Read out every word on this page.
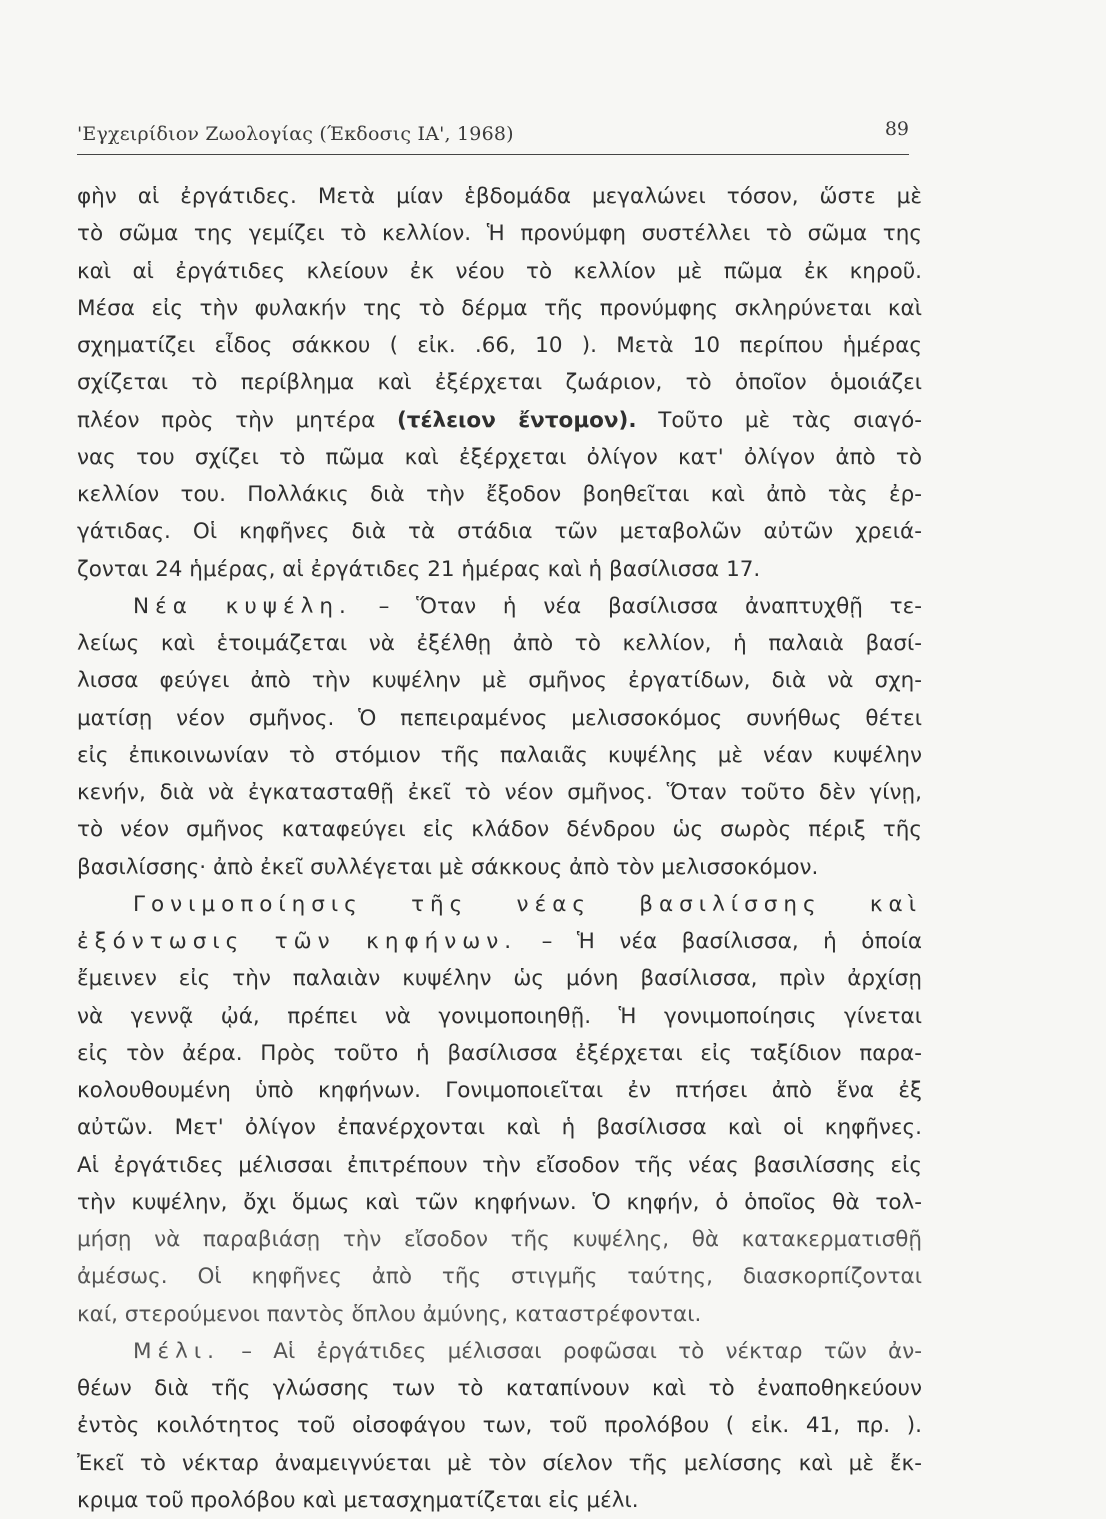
'Εγχειρίδιον Ζωολογίας (Έκδοσις ΙΑ', 1968)	89
φὴν αἱ ἐργάτιδες. Μετὰ μίαν ἑβδομάδα μεγαλώνει τόσον, ὥστε μὲ
τὸ σῶμα της γεμίζει τὸ κελλίον. Ἡ προνύμφη συστέλλει τὸ σῶμα της
καὶ αἱ ἐργάτιδες κλείουν ἐκ νέου τὸ κελλίον μὲ πῶμα ἐκ κηροῦ.
Μέσα εἰς τὴν φυλακήν της τὸ δέρμα τῆς προνύμφης σκληρύνεται καὶ
σχηματίζει εἶδος σάκκου ( εἰκ. .66, 10 ). Μετὰ 10 περίπου ἡμέρας
σχίζεται τὸ περίβλημα καὶ ἐξέρχεται ζωάριον, τὸ ὁποῖον ὁμοιάζει
πλέον πρὸς τὴν μητέρα (τέλειον ἔντομον). Τοῦτο μὲ τὰς σιαγό-
νας του σχίζει τὸ πῶμα καὶ ἐξέρχεται ὀλίγον κατ' ὀλίγον ἀπὸ τὸ
κελλίον του. Πολλάκις διὰ τὴν ἔξοδον βοηθεῖται καὶ ἀπὸ τὰς ἐρ-
γάτιδας. Οἱ κηφῆνες διὰ τὰ στάδια τῶν μεταβολῶν αὐτῶν χρειά-
ζονται 24 ἡμέρας, αἱ ἐργάτιδες 21 ἡμέρας καὶ ἡ βασίλισσα 17.
Νέα κυψέλη. – Ὅταν ἡ νέα βασίλισσα ἀναπτυχθῇ τε-
λείως καὶ ἑτοιμάζεται νὰ ἐξέλθῃ ἀπὸ τὸ κελλίον, ἡ παλαιὰ βασί-
λισσα φεύγει ἀπὸ τὴν κυψέλην μὲ σμῆνος ἐργατίδων, διὰ νὰ σχη-
ματίσῃ νέον σμῆνος. Ὁ πεπειραμένος μελισσοκόμος συνήθως θέτει
εἰς ἐπικοινωνίαν τὸ στόμιον τῆς παλαιᾶς κυψέλης μὲ νέαν κυψέλην
κενήν, διὰ νὰ ἐγκατασταθῇ ἐκεῖ τὸ νέον σμῆνος. Ὅταν τοῦτο δὲν γίνῃ,
τὸ νέον σμῆνος καταφεύγει εἰς κλάδον δένδρου ὡς σωρὸς πέριξ τῆς
βασιλίσσης· ἀπὸ ἐκεῖ συλλέγεται μὲ σάκκους ἀπὸ τὸν μελισσοκόμον.
Γονιμοποίησις τῆς νέας βασιλίσσης καὶ
ἐξόντωσις τῶν κηφήνων. – Ἡ νέα βασίλισσα, ἡ ὁποία
ἔμεινεν εἰς τὴν παλαιὰν κυψέλην ὡς μόνη βασίλισσα, πρὶν ἀρχίσῃ
νὰ γεννᾷ ᾠά, πρέπει νὰ γονιμοποιηθῇ. Ἡ γονιμοποίησις γίνεται
εἰς τὸν ἀέρα. Πρὸς τοῦτο ἡ βασίλισσα ἐξέρχεται εἰς ταξίδιον παρα-
κολουθουμένη ὑπὸ κηφήνων. Γονιμοποιεῖται ἐν πτήσει ἀπὸ ἕνα ἐξ
αὐτῶν. Μετ' ὀλίγον ἐπανέρχονται καὶ ἡ βασίλισσα καὶ οἱ κηφῆνες.
Αἱ ἐργάτιδες μέλισσαι ἐπιτρέπουν τὴν εἴσοδον τῆς νέας βασιλίσσης εἰς
τὴν κυψέλην, ὄχι ὅμως καὶ τῶν κηφήνων. Ὁ κηφήν, ὁ ὁποῖος θὰ τολ-
μήσῃ νὰ παραβιάσῃ τὴν εἴσοδον τῆς κυψέλης, θὰ κατακερματισθῇ
ἀμέσως. Οἱ κηφῆνες ἀπὸ τῆς στιγμῆς ταύτης, διασκορπίζονται
καί, στερούμενοι παντὸς ὅπλου ἀμύνης, καταστρέφονται.
Μέλι. – Αἱ ἐργάτιδες μέλισσαι ροφῶσαι τὸ νέκταρ τῶν ἀν-
θέων διὰ τῆς γλώσσης των τὸ καταπίνουν καὶ τὸ ἐναποθηκεύουν
ἐντὸς κοιλότητος τοῦ οἰσοφάγου των, τοῦ προλόβου ( εἰκ. 41, πρ. ).
Ἐκεῖ τὸ νέκταρ ἀναμειγνύεται μὲ τὸν σίελον τῆς μελίσσης καὶ μὲ ἔκ-
κριμα τοῦ προλόβου καὶ μετασχηματίζεται εἰς μέλι.
